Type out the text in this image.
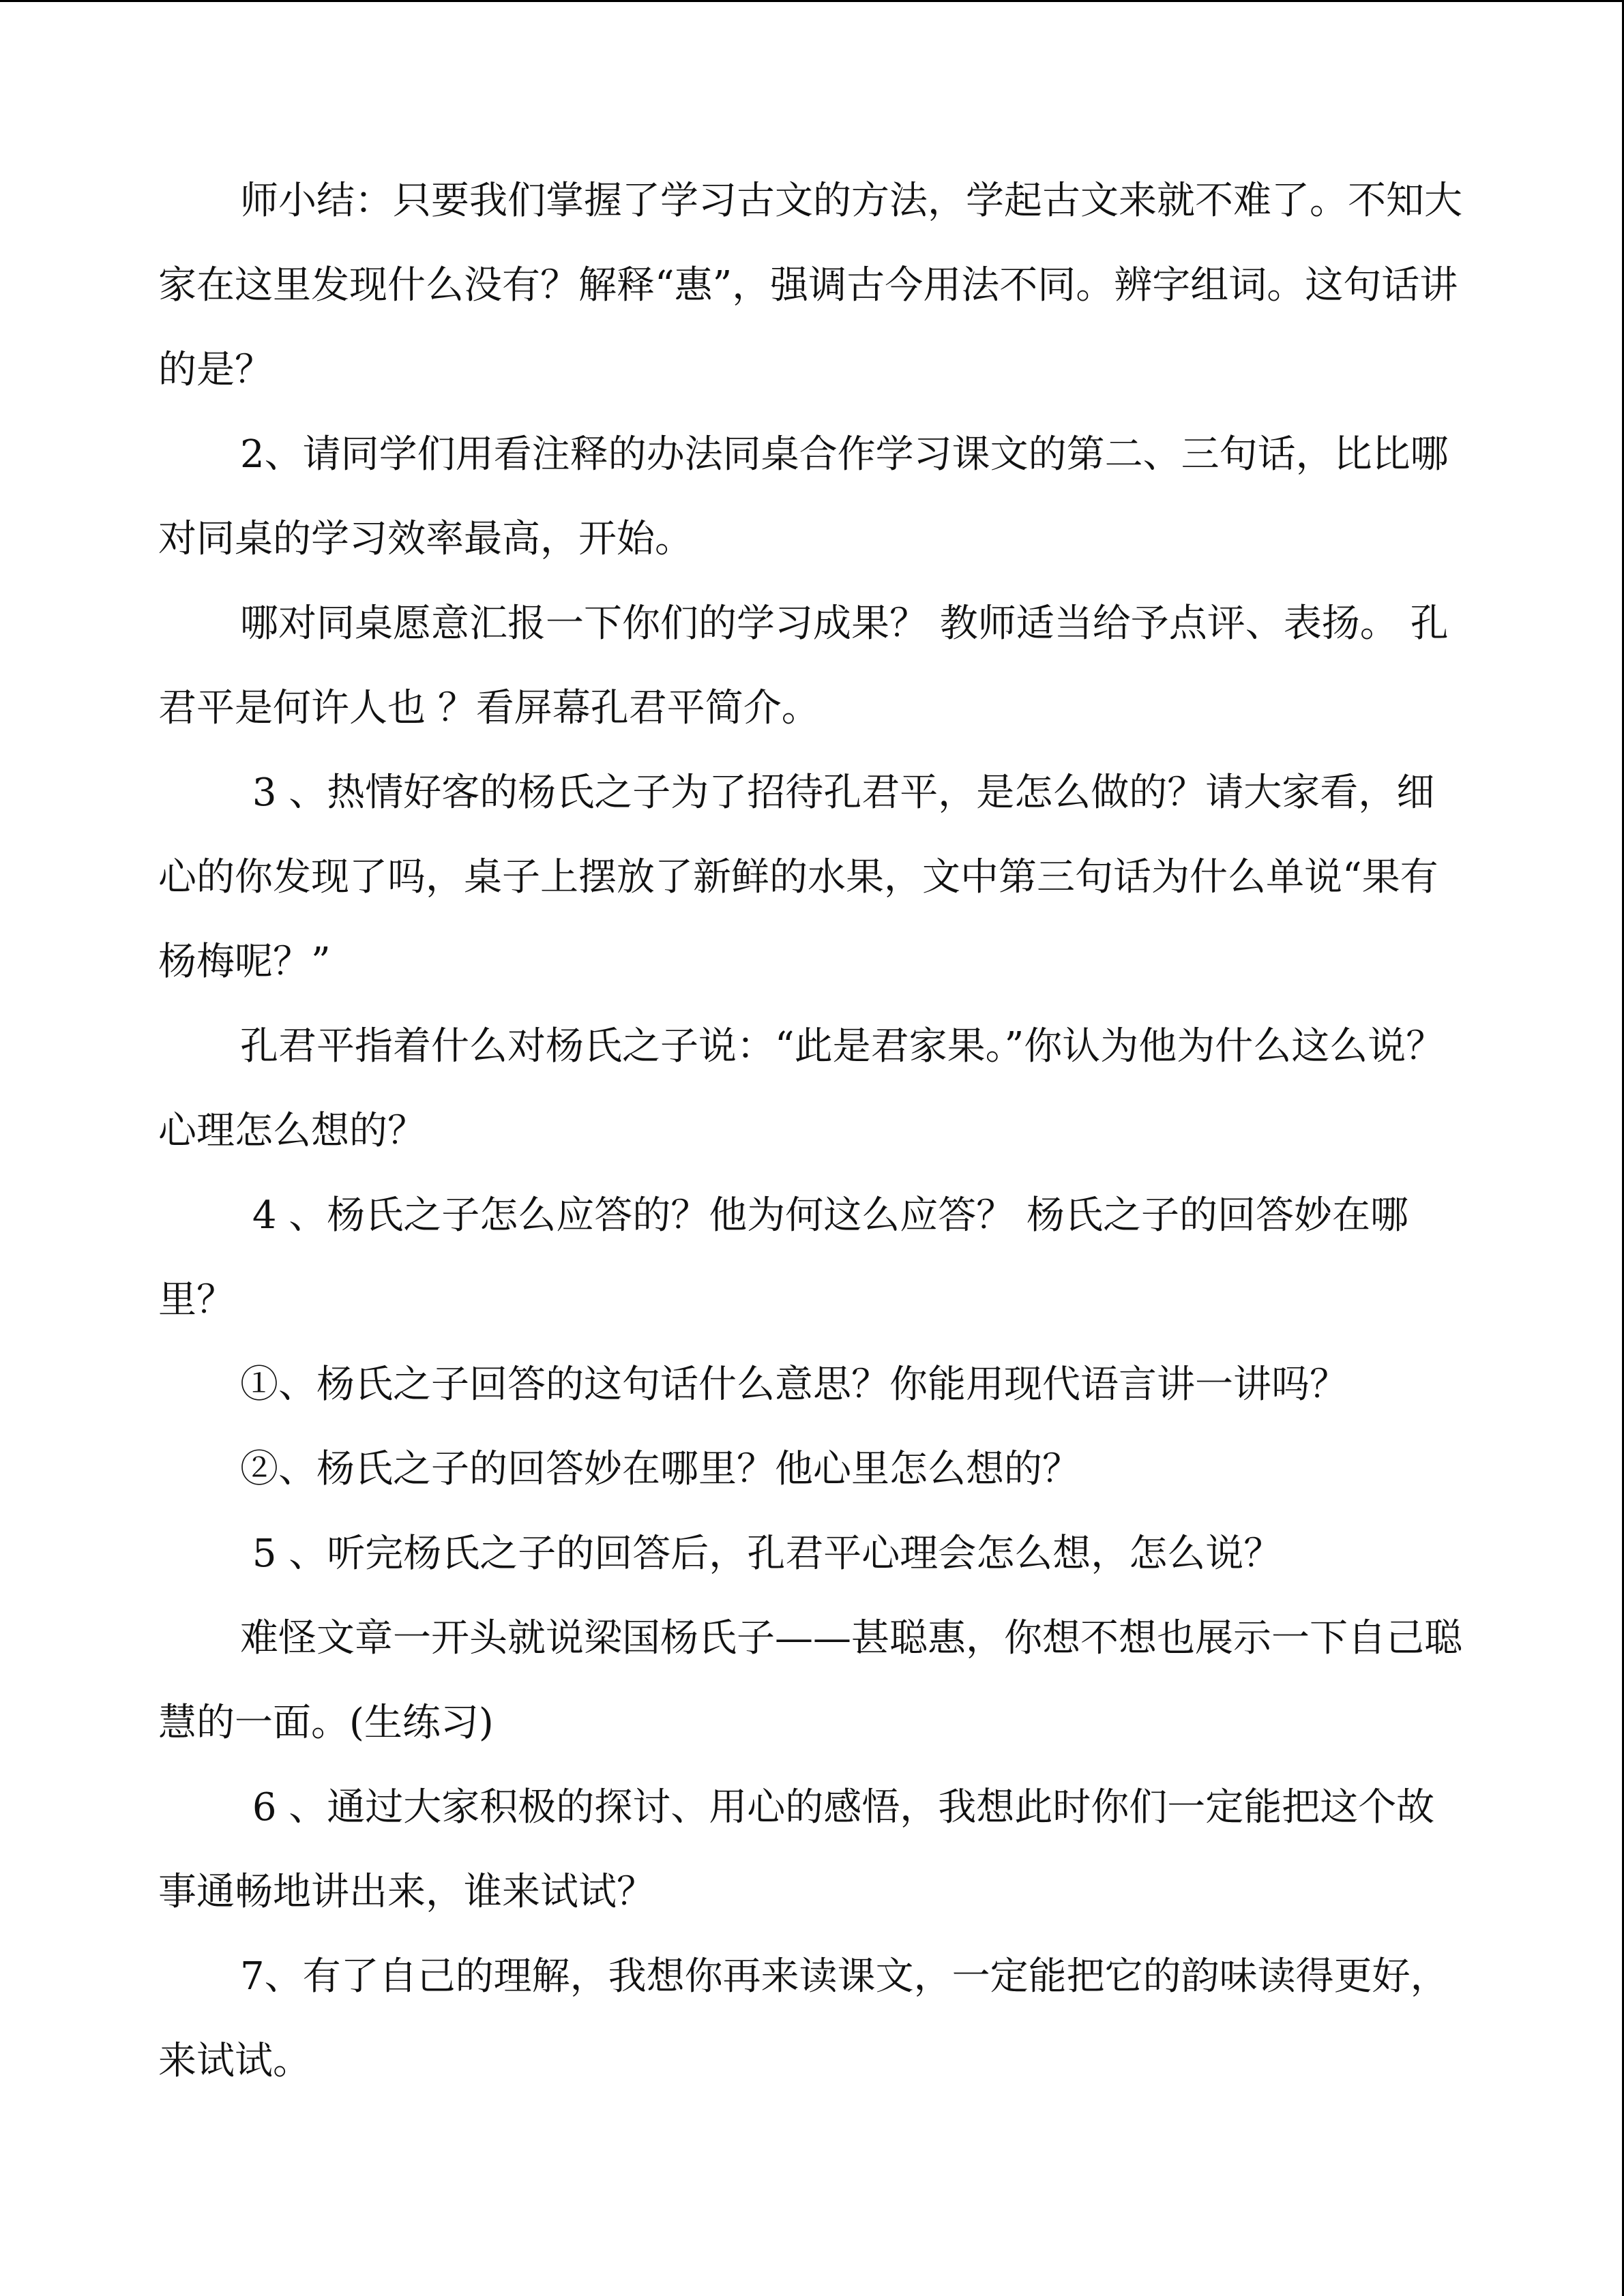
师小结：只要我们掌握了学习古文的方法，学起古文来就不难了。不知大家在这里发现什么没有？解释“惠”，强调古今用法不同。辨字组词。这句话讲的是？

2、请同学们用看注释的办法同桌合作学习课文的第二、三句话，比比哪对同桌的学习效率最高，开始。

哪对同桌愿意汇报一下你们的学习成果？ 教师适当给予点评、表扬。 孔君平是何许人也 ？看屏幕孔君平简介。

3 、热情好客的杨氏之子为了招待孔君平，是怎么做的？请大家看，细心的你发现了吗，桌子上摆放了新鲜的水果，文中第三句话为什么单说“果有杨梅呢？”

孔君平指着什么对杨氏之子说：“此是君家果。”你认为他为什么这么说？ 心理怎么想的？

4 、杨氏之子怎么应答的？他为何这么应答？ 杨氏之子的回答妙在哪里？

①、杨氏之子回答的这句话什么意思？你能用现代语言讲一讲吗？

②、杨氏之子的回答妙在哪里？他心里怎么想的？

5 、听完杨氏之子的回答后，孔君平心理会怎么想，怎么说？

难怪文章一开头就说梁国杨氏子——甚聪惠，你想不想也展示一下自己聪慧的一面。(生练习)

6 、通过大家积极的探讨、用心的感悟，我想此时你们一定能把这个故事通畅地讲出来，谁来试试？

7、有了自己的理解，我想你再来读课文，一定能把它的韵味读得更好，来试试。
